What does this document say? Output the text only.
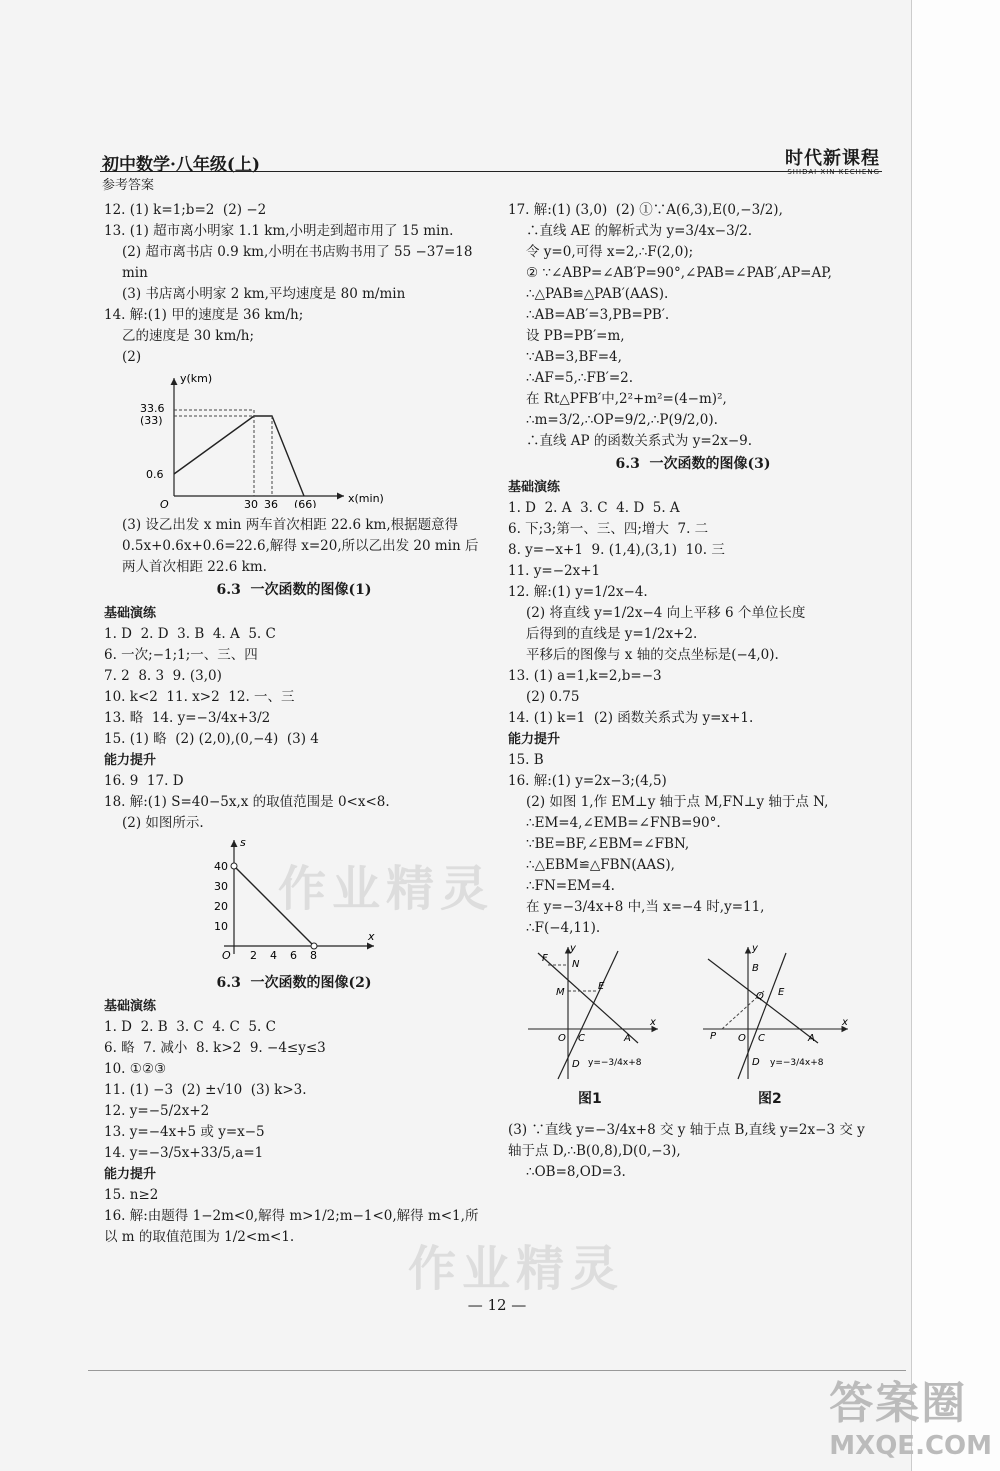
初中数学·八年级(上)
参考答案
时代新课程
SHIDAI XIN KECHENG

12. (1) k=1;b=2  (2) −2

13. (1) 超市离小明家 1.1 km,小明走到超市用了 15 min.

(2) 超市离书店 0.9 km,小明在书店购书用了 55 −37=18 min

(3) 书店离小明家 2 km,平均速度是 80 m/min

14. 解:(1) 甲的速度是 36 km/h;

乙的速度是 30 km/h;

(2)

y(km)
x(min)
33.6
(33)
0.6
O	30 36 (66)

(3) 设乙出发 x min 两车首次相距 22.6 km,根据题意得 0.5x+0.6x+0.6=22.6,解得 x=20,所以乙出发 20 min 后两人首次相距 22.6 km.

6.3  一次函数的图像(1)

基础演练

1. D  2. D  3. B  4. A  5. C

6. 一次;−1;1;一、三、四

7. 2  8. 3  9. (3,0)

10. k<2  11. x>2  12. 一、三

13. 略  14. y=−3/4x+3/2

15. (1) 略  (2) (2,0),(0,−4)  (3) 4

能力提升

16. 9  17. D

18. 解:(1) S=40−5x,x 的取值范围是 0<x<8.

(2) 如图所示.

s
x
40
30
20
10
O 2 4 6 8

6.3  一次函数的图像(2)

基础演练

1. D  2. B  3. C  4. C  5. C

6. 略  7. 减小  8. k>2  9. −4≤y≤3

10. ①②③

11. (1) −3  (2) ±√10  (3) k>3.

12. y=−5/2x+2

13. y=−4x+5 或 y=x−5

14. y=−3/5x+33/5,a=1

能力提升

15. n≥2

16. 解:由题得 1−2m<0,解得 m>1/2;m−1<0,解得 m<1,所以 m 的取值范围为 1/2<m<1.

17. 解:(1) (3,0)  (2) ①∵A(6,3),E(0,−3/2),

∴直线 AE 的解析式为 y=3/4x−3/2.

令 y=0,可得 x=2,∴F(2,0);

② ∵∠ABP=∠AB′P=90°,∠PAB=∠PAB′,AP=AP,

∴△PAB≌△PAB′(AAS).

∴AB=AB′=3,PB=PB′.

设 PB=PB′=m,

∵AB=3,BF=4,

∴AF=5,∴FB′=2.

在 Rt△PFB′中,2²+m²=(4−m)²,

∴m=3/2,∴OP=9/2,∴P(9/2,0).

∴直线 AP 的函数关系式为 y=2x−9.

6.3  一次函数的图像(3)

基础演练

1. D  2. A  3. C  4. D  5. A

6. 下;3;第一、三、四;增大  7. 二

8. y=−x+1  9. (1,4),(3,1)  10. 三

11. y=−2x+1

12. 解:(1) y=1/2x−4.

(2) 将直线 y=1/2x−4 向上平移 6 个单位长度

后得到的直线是 y=1/2x+2.

平移后的图像与 x 轴的交点坐标是(−4,0).

13. (1) a=1,k=2,b=−3

(2) 0.75

14. (1) k=1  (2) 函数关系式为 y=x+1.

能力提升

15. B

16. 解:(1) y=2x−3;(4,5)

(2) 如图 1,作 EM⊥y 轴于点 M,FN⊥y 轴于点 N,

∴EM=4,∠EMB=∠FNB=90°.

∵BE=BF,∠EBM=∠FBN,

∴△EBM≌△FBN(AAS),

∴FN=EM=4.

在 y=−3/4x+8 中,当 x=−4 时,y=11,

∴F(−4,11).

y
x
N
F
M
E
O C	A
D y=−3/4x+8
y
x
B
Q E
P O C	A
D y=−3/4x+8
图1	图2

(3) ∵直线 y=−3/4x+8 交 y 轴于点 B,直线 y=2x−3 交 y 轴于点 D,∴B(0,8),D(0,−3),

∴OB=8,OD=3.

作业精灵
作业精灵
— 12 —
答案圈
MXQE.COM
